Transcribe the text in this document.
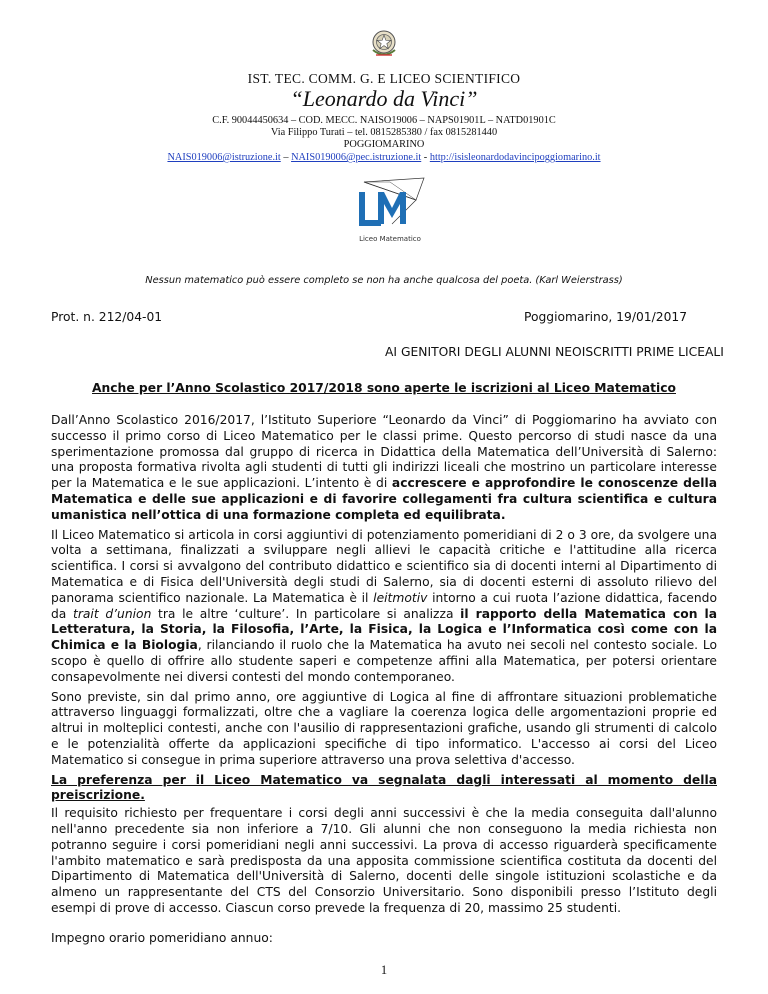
IST. TEC. COMM. G. E LICEO SCIENTIFICO
“Leonardo da Vinci”
C.F. 90044450634 – COD. MECC. NAISO19006 – NAPS01901L – NATD01901C
Via Filippo Turati – tel. 0815285380 / fax 0815281440
POGGIOMARINO
NAIS019006@istruzione.it – NAIS019006@pec.istruzione.it - http://isisleonardodavincipoggiomarino.it
Liceo Matematico
Nessun matematico può essere completo se non ha anche qualcosa del poeta. (Karl Weierstrass)
Prot. n. 212/04-01	Poggiomarino, 19/01/2017
AI GENITORI DEGLI ALUNNI NEOISCRITTI PRIME LICEALI
Anche per l’Anno Scolastico 2017/2018 sono aperte le iscrizioni al Liceo Matematico

Dall’Anno Scolastico 2016/2017, l’Istituto Superiore “Leonardo da Vinci” di Poggiomarino ha avviato con successo il primo corso di Liceo Matematico per le classi prime. Questo percorso di studi nasce da una sperimentazione promossa dal gruppo di ricerca in Didattica della Matematica dell’Università di Salerno: una proposta formativa rivolta agli studenti di tutti gli indirizzi liceali che mostrino un particolare interesse per la Matematica e le sue applicazioni. L’intento è di accrescere e approfondire le conoscenze della Matematica e delle sue applicazioni e di favorire collegamenti fra cultura scientifica e cultura umanistica nell’ottica di una formazione completa ed equilibrata.

Il Liceo Matematico si articola in corsi aggiuntivi di potenziamento pomeridiani di 2 o 3 ore, da svolgere una volta a settimana, finalizzati a sviluppare negli allievi le capacità critiche e l'attitudine alla ricerca scientifica. I corsi si avvalgono del contributo didattico e scientifico sia di docenti interni al Dipartimento di Matematica e di Fisica dell'Università degli studi di Salerno, sia di docenti esterni di assoluto rilievo del panorama scientifico nazionale. La Matematica è il leitmotiv intorno a cui ruota l’azione didattica, facendo da trait d’union tra le altre ‘culture’. In particolare si analizza il rapporto della Matematica con la Letteratura, la Storia, la Filosofia, l’Arte, la Fisica, la Logica e l’Informatica così come con la Chimica e la Biologia, rilanciando il ruolo che la Matematica ha avuto nei secoli nel contesto sociale. Lo scopo è quello di offrire allo studente saperi e competenze affini alla Matematica, per potersi orientare consapevolmente nei diversi contesti del mondo contemporaneo.

Sono previste, sin dal primo anno, ore aggiuntive di Logica al fine di affrontare situazioni problematiche attraverso linguaggi formalizzati, oltre che a vagliare la coerenza logica delle argomentazioni proprie ed altrui in molteplici contesti, anche con l'ausilio di rappresentazioni grafiche, usando gli strumenti di calcolo e le potenzialità offerte da applicazioni specifiche di tipo informatico. L'accesso ai corsi del Liceo Matematico si consegue in prima superiore attraverso una prova selettiva d'accesso.

La preferenza per il Liceo Matematico va segnalata dagli interessati al momento della preiscrizione.

Il requisito richiesto per frequentare i corsi degli anni successivi è che la media conseguita dall'alunno nell'anno precedente sia non inferiore a 7/10. Gli alunni che non conseguono la media richiesta non potranno seguire i corsi pomeridiani negli anni successivi. La prova di accesso riguarderà specificamente l'ambito matematico e sarà predisposta da una apposita commissione scientifica costituta da docenti del Dipartimento di Matematica dell'Università di Salerno, docenti delle singole istituzioni scolastiche e da almeno un rappresentante del CTS del Consorzio Universitario. Sono disponibili presso l’Istituto degli esempi di prove di accesso. Ciascun corso prevede la frequenza di 20, massimo 25 studenti.

Impegno orario pomeridiano annuo:

1
